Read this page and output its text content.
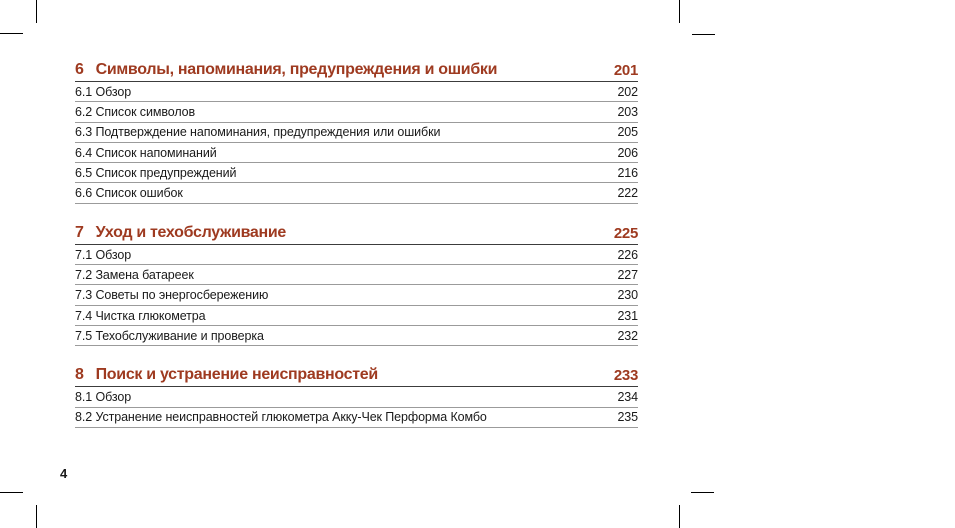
6 Символы, напоминания, предупреждения и ошибки	201
6.1 Обзор	202
6.2 Список символов	203
6.3 Подтверждение напоминания, предупреждения или ошибки	205
6.4 Список напоминаний	206
6.5 Список предупреждений	216
6.6 Список ошибок	222
7 Уход и техобслуживание	225
7.1 Обзор	226
7.2 Замена батареек	227
7.3 Советы по энергосбережению	230
7.4 Чистка глюкометра	231
7.5 Техобслуживание и проверка	232
8 Поиск и устранение неисправностей	233
8.1 Обзор	234
8.2 Устранение неисправностей глюкометра Акку-Чек Перформа Комбо	235
4
